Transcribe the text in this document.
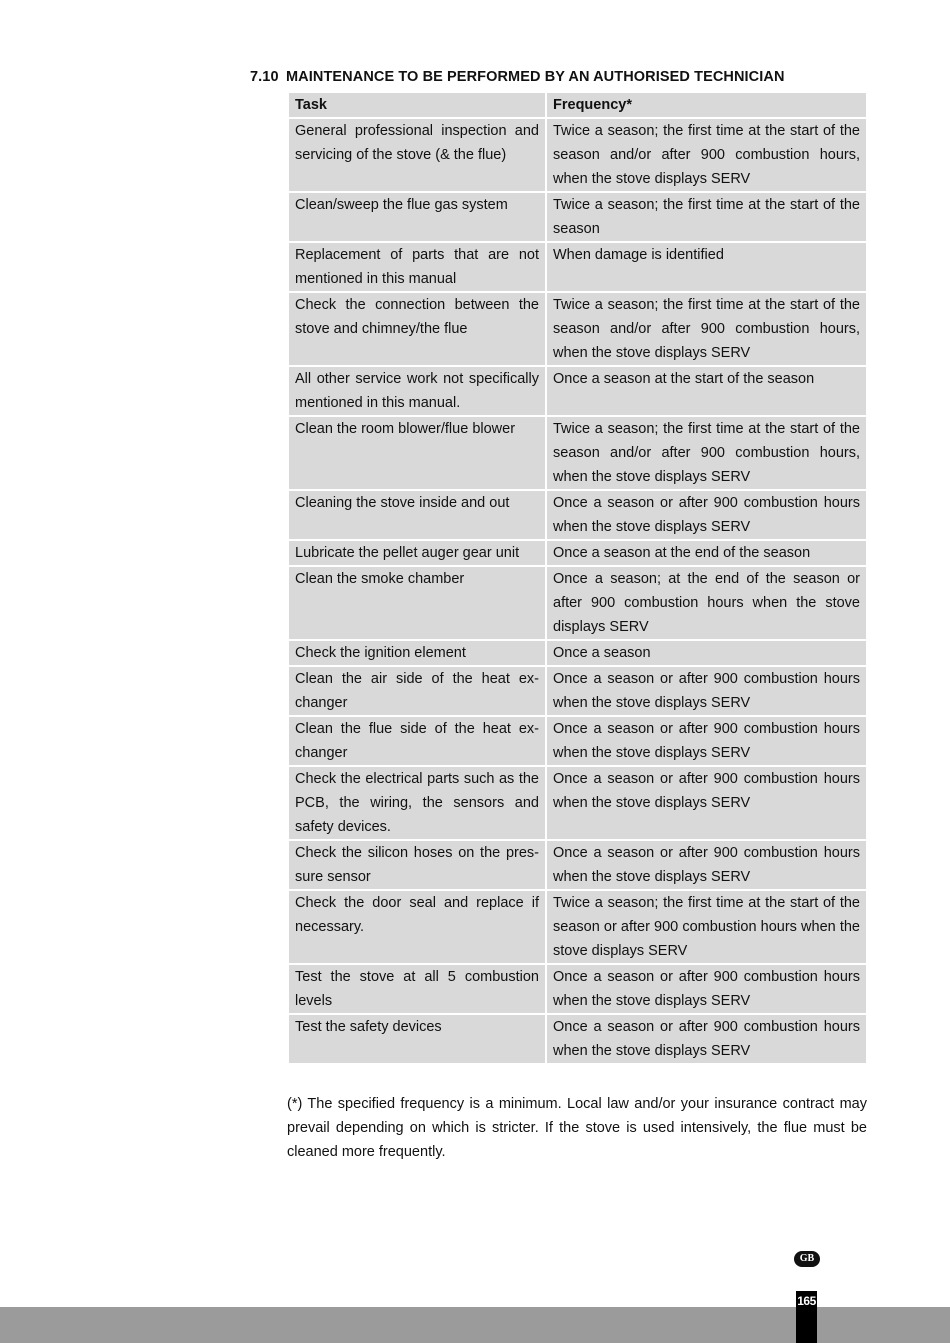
7.10 MAINTENANCE TO BE PERFORMED BY AN AUTHORISED TECHNICIAN
Task	Frequency*
General professional inspection and servicing of the stove (& the flue)	Twice a season; the first time at the start of the season and/or after 900 combustion hours, when the stove displays SERV
Clean/sweep the flue gas system	Twice a season; the first time at the start of the season
Replacement of parts that are not mentioned in this manual	When damage is identified
Check the connection between the stove and chimney/the flue	Twice a season; the first time at the start of the season and/or after 900 combustion hours, when the stove displays SERV
All other service work not specifically mentioned in this manual.	Once a season at the start of the season
Clean the room blower/flue blower	Twice a season; the first time at the start of the season and/or after 900 combustion hours, when the stove displays SERV
Cleaning the stove inside and out	Once a season or after 900 combustion hours when the stove displays SERV
Lubricate the pellet auger gear unit	Once a season at the end of the season
Clean the smoke chamber	Once a season; at the end of the season or after 900 combustion hours when the stove displays SERV
Check the ignition element	Once a season
Clean the air side of the heat exchanger	Once a season or after 900 combustion hours when the stove displays SERV
Clean the flue side of the heat exchanger	Once a season or after 900 combustion hours when the stove displays SERV
Check the electrical parts such as the PCB, the wiring, the sensors and safety devices.	Once a season or after 900 combustion hours when the stove displays SERV
Check the silicon hoses on the pressure sensor	Once a season or after 900 combustion hours when the stove displays SERV
Check the door seal and replace if necessary.	Twice a season; the first time at the start of the season or after 900 combustion hours when the stove displays SERV
Test the stove at all 5 combustion levels	Once a season or after 900 combustion hours when the stove displays SERV
Test the safety devices	Once a season or after 900 combustion hours when the stove displays SERV

(*) The specified frequency is a minimum. Local law and/or your insurance contract may prevail depending on which is stricter. If the stove is used intensively, the flue must be cleaned more frequently.

GB
165
